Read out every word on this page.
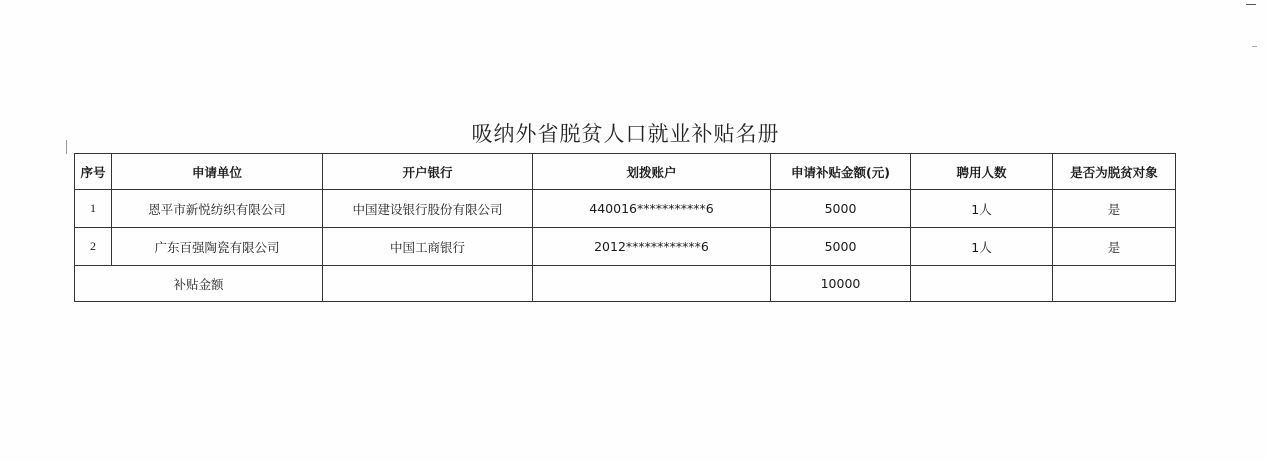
吸纳外省脱贫人口就业补贴名册
序号	申请单位	开户银行	划拨账户	申请补贴金额(元)	聘用人数	是否为脱贫对象
1	恩平市新悦纺织有限公司	中国建设银行股份有限公司	440016***********6	5000	1人	是
2	广东百强陶瓷有限公司	中国工商银行	2012************6	5000	1人	是
补贴金额				10000		
